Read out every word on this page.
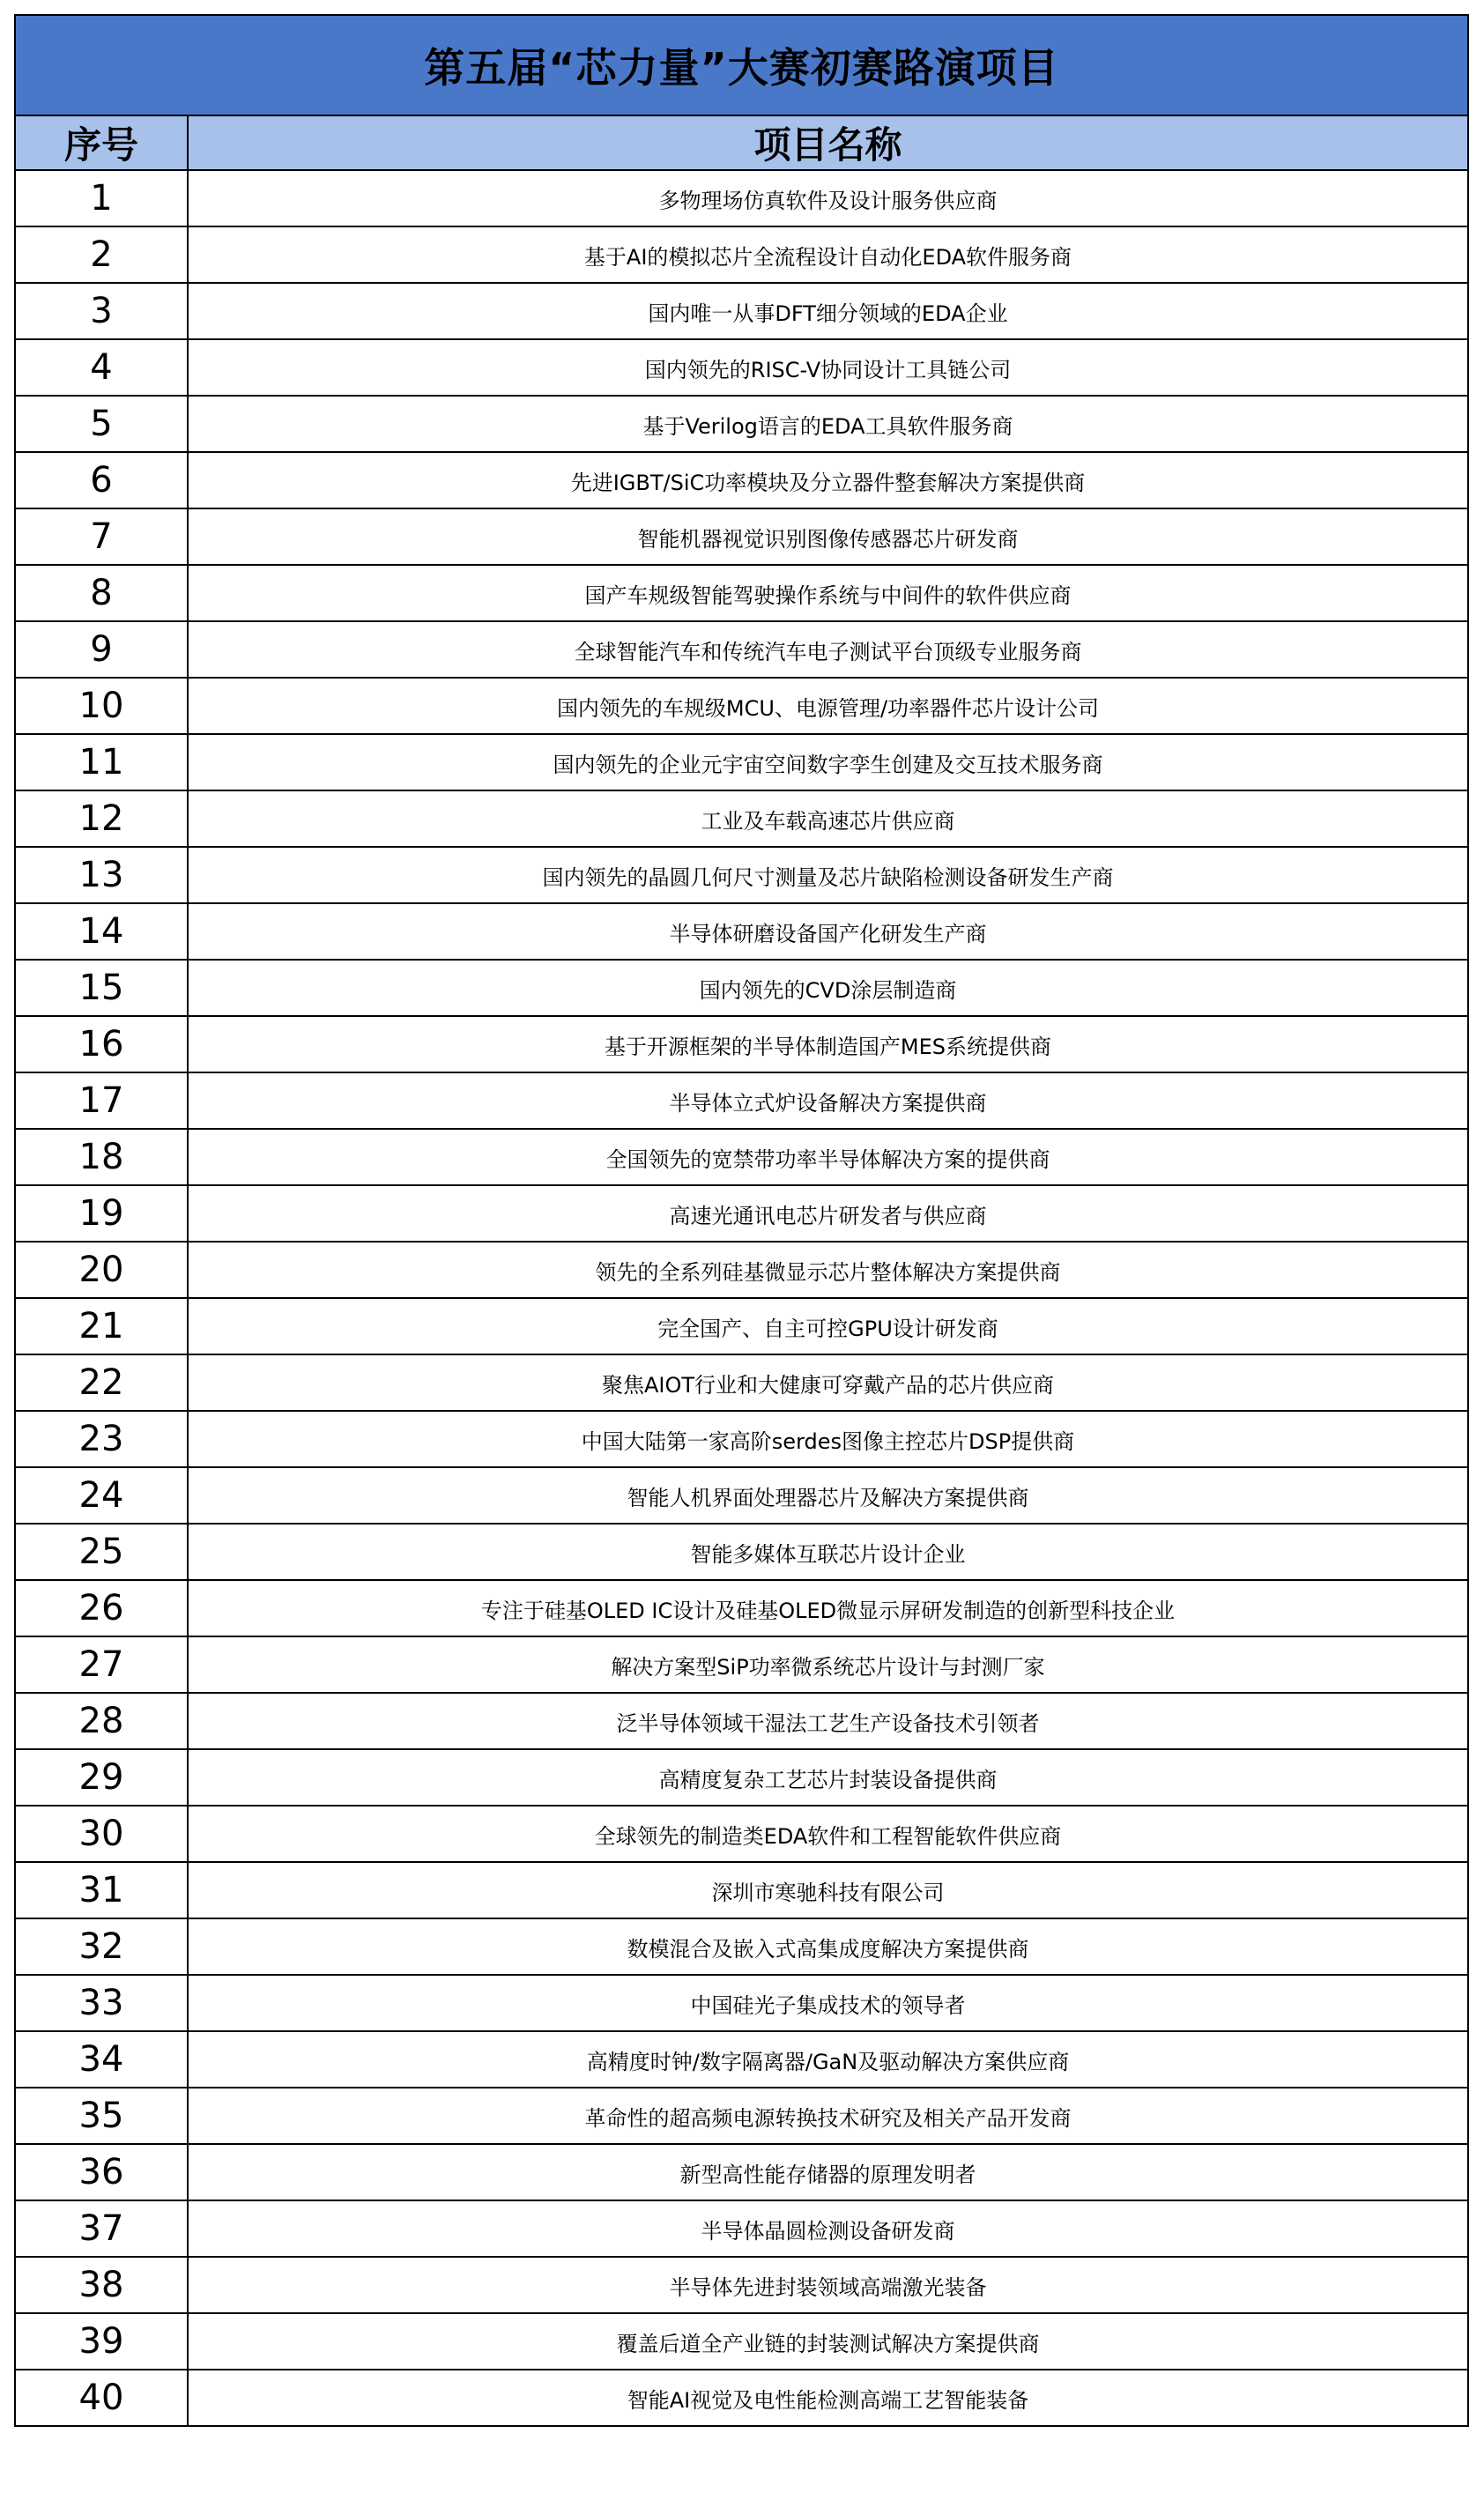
第五届“芯力量”大赛初赛路演项目	
序号	项目名称
1	多物理场仿真软件及设计服务供应商
2	基于AI的模拟芯片全流程设计自动化EDA软件服务商
3	国内唯一从事DFT细分领域的EDA企业
4	国内领先的RISC-V协同设计工具链公司
5	基于Verilog语言的EDA工具软件服务商
6	先进IGBT/SiC功率模块及分立器件整套解决方案提供商
7	智能机器视觉识别图像传感器芯片研发商
8	国产车规级智能驾驶操作系统与中间件的软件供应商
9	全球智能汽车和传统汽车电子测试平台顶级专业服务商
10	国内领先的车规级MCU、电源管理/功率器件芯片设计公司
11	国内领先的企业元宇宙空间数字孪生创建及交互技术服务商
12	工业及车载高速芯片供应商
13	国内领先的晶圆几何尺寸测量及芯片缺陷检测设备研发生产商
14	半导体研磨设备国产化研发生产商
15	国内领先的CVD涂层制造商
16	基于开源框架的半导体制造国产MES系统提供商
17	半导体立式炉设备解决方案提供商
18	全国领先的宽禁带功率半导体解决方案的提供商
19	高速光通讯电芯片研发者与供应商
20	领先的全系列硅基微显示芯片整体解决方案提供商
21	完全国产、自主可控GPU设计研发商
22	聚焦AIOT行业和大健康可穿戴产品的芯片供应商
23	中国大陆第一家高阶serdes图像主控芯片DSP提供商
24	智能人机界面处理器芯片及解决方案提供商
25	智能多媒体互联芯片设计企业
26	专注于硅基OLED IC设计及硅基OLED微显示屏研发制造的创新型科技企业
27	解决方案型SiP功率微系统芯片设计与封测厂家
28	泛半导体领域干湿法工艺生产设备技术引领者
29	高精度复杂工艺芯片封装设备提供商
30	全球领先的制造类EDA软件和工程智能软件供应商
31	深圳市寒驰科技有限公司
32	数模混合及嵌入式高集成度解决方案提供商
33	中国硅光子集成技术的领导者
34	高精度时钟/数字隔离器/GaN及驱动解决方案供应商
35	革命性的超高频电源转换技术研究及相关产品开发商
36	新型高性能存储器的原理发明者
37	半导体晶圆检测设备研发商
38	半导体先进封装领域高端激光装备
39	覆盖后道全产业链的封装测试解决方案提供商
40	智能AI视觉及电性能检测高端工艺智能装备
